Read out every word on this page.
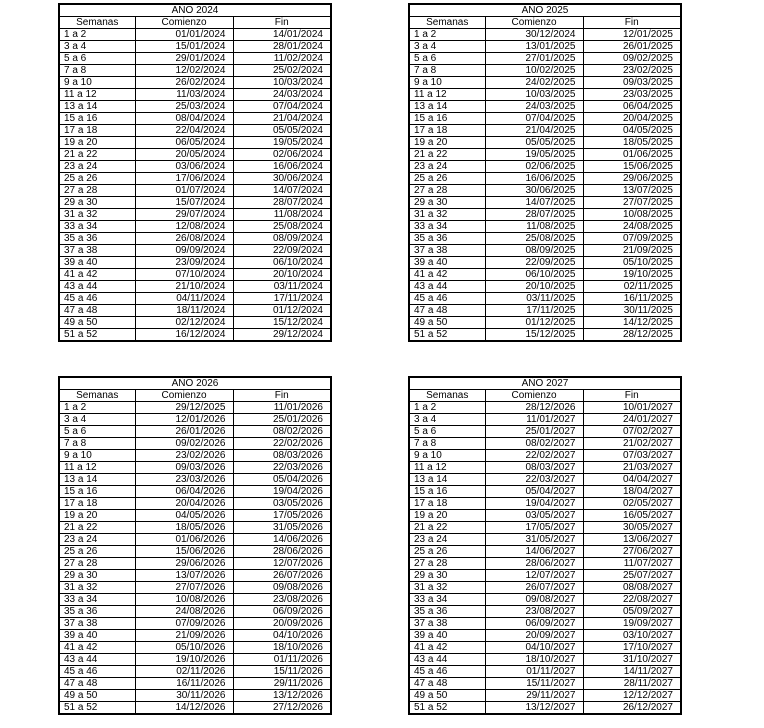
AÑO 2024		
Semanas	Comienzo	Fin
1 a 2	01/01/2024	14/01/2024
3 a 4	15/01/2024	28/01/2024
5 a 6	29/01/2024	11/02/2024
7 a 8	12/02/2024	25/02/2024
9 a 10	26/02/2024	10/03/2024
11 a 12	11/03/2024	24/03/2024
13 a 14	25/03/2024	07/04/2024
15 a 16	08/04/2024	21/04/2024
17 a 18	22/04/2024	05/05/2024
19 a 20	06/05/2024	19/05/2024
21 a 22	20/05/2024	02/06/2024
23 a 24	03/06/2024	16/06/2024
25 a 26	17/06/2024	30/06/2024
27 a 28	01/07/2024	14/07/2024
29 a 30	15/07/2024	28/07/2024
31 a 32	29/07/2024	11/08/2024
33 a 34	12/08/2024	25/08/2024
35 a 36	26/08/2024	08/09/2024
37 a 38	09/09/2024	22/09/2024
39 a 40	23/09/2024	06/10/2024
41 a 42	07/10/2024	20/10/2024
43 a 44	21/10/2024	03/11/2024
45 a 46	04/11/2024	17/11/2024
47 a 48	18/11/2024	01/12/2024
49 a 50	02/12/2024	15/12/2024
51 a 52	16/12/2024	29/12/2024
AÑO 2025		
Semanas	Comienzo	Fin
1 a 2	30/12/2024	12/01/2025
3 a 4	13/01/2025	26/01/2025
5 a 6	27/01/2025	09/02/2025
7 a 8	10/02/2025	23/02/2025
9 a 10	24/02/2025	09/03/2025
11 a 12	10/03/2025	23/03/2025
13 a 14	24/03/2025	06/04/2025
15 a 16	07/04/2025	20/04/2025
17 a 18	21/04/2025	04/05/2025
19 a 20	05/05/2025	18/05/2025
21 a 22	19/05/2025	01/06/2025
23 a 24	02/06/2025	15/06/2025
25 a 26	16/06/2025	29/06/2025
27 a 28	30/06/2025	13/07/2025
29 a 30	14/07/2025	27/07/2025
31 a 32	28/07/2025	10/08/2025
33 a 34	11/08/2025	24/08/2025
35 a 36	25/08/2025	07/09/2025
37 a 38	08/09/2025	21/09/2025
39 a 40	22/09/2025	05/10/2025
41 a 42	06/10/2025	19/10/2025
43 a 44	20/10/2025	02/11/2025
45 a 46	03/11/2025	16/11/2025
47 a 48	17/11/2025	30/11/2025
49 a 50	01/12/2025	14/12/2025
51 a 52	15/12/2025	28/12/2025
AÑO 2026		
Semanas	Comienzo	Fin
1 a 2	29/12/2025	11/01/2026
3 a 4	12/01/2026	25/01/2026
5 a 6	26/01/2026	08/02/2026
7 a 8	09/02/2026	22/02/2026
9 a 10	23/02/2026	08/03/2026
11 a 12	09/03/2026	22/03/2026
13 a 14	23/03/2026	05/04/2026
15 a 16	06/04/2026	19/04/2026
17 a 18	20/04/2026	03/05/2026
19 a 20	04/05/2026	17/05/2026
21 a 22	18/05/2026	31/05/2026
23 a 24	01/06/2026	14/06/2026
25 a 26	15/06/2026	28/06/2026
27 a 28	29/06/2026	12/07/2026
29 a 30	13/07/2026	26/07/2026
31 a 32	27/07/2026	09/08/2026
33 a 34	10/08/2026	23/08/2026
35 a 36	24/08/2026	06/09/2026
37 a 38	07/09/2026	20/09/2026
39 a 40	21/09/2026	04/10/2026
41 a 42	05/10/2026	18/10/2026
43 a 44	19/10/2026	01/11/2026
45 a 46	02/11/2026	15/11/2026
47 a 48	16/11/2026	29/11/2026
49 a 50	30/11/2026	13/12/2026
51 a 52	14/12/2026	27/12/2026
AÑO 2027		
Semanas	Comienzo	Fin
1 a 2	28/12/2026	10/01/2027
3 a 4	11/01/2027	24/01/2027
5 a 6	25/01/2027	07/02/2027
7 a 8	08/02/2027	21/02/2027
9 a 10	22/02/2027	07/03/2027
11 a 12	08/03/2027	21/03/2027
13 a 14	22/03/2027	04/04/2027
15 a 16	05/04/2027	18/04/2027
17 a 18	19/04/2027	02/05/2027
19 a 20	03/05/2027	16/05/2027
21 a 22	17/05/2027	30/05/2027
23 a 24	31/05/2027	13/06/2027
25 a 26	14/06/2027	27/06/2027
27 a 28	28/06/2027	11/07/2027
29 a 30	12/07/2027	25/07/2027
31 a 32	26/07/2027	08/08/2027
33 a 34	09/08/2027	22/08/2027
35 a 36	23/08/2027	05/09/2027
37 a 38	06/09/2027	19/09/2027
39 a 40	20/09/2027	03/10/2027
41 a 42	04/10/2027	17/10/2027
43 a 44	18/10/2027	31/10/2027
45 a 46	01/11/2027	14/11/2027
47 a 48	15/11/2027	28/11/2027
49 a 50	29/11/2027	12/12/2027
51 a 52	13/12/2027	26/12/2027
